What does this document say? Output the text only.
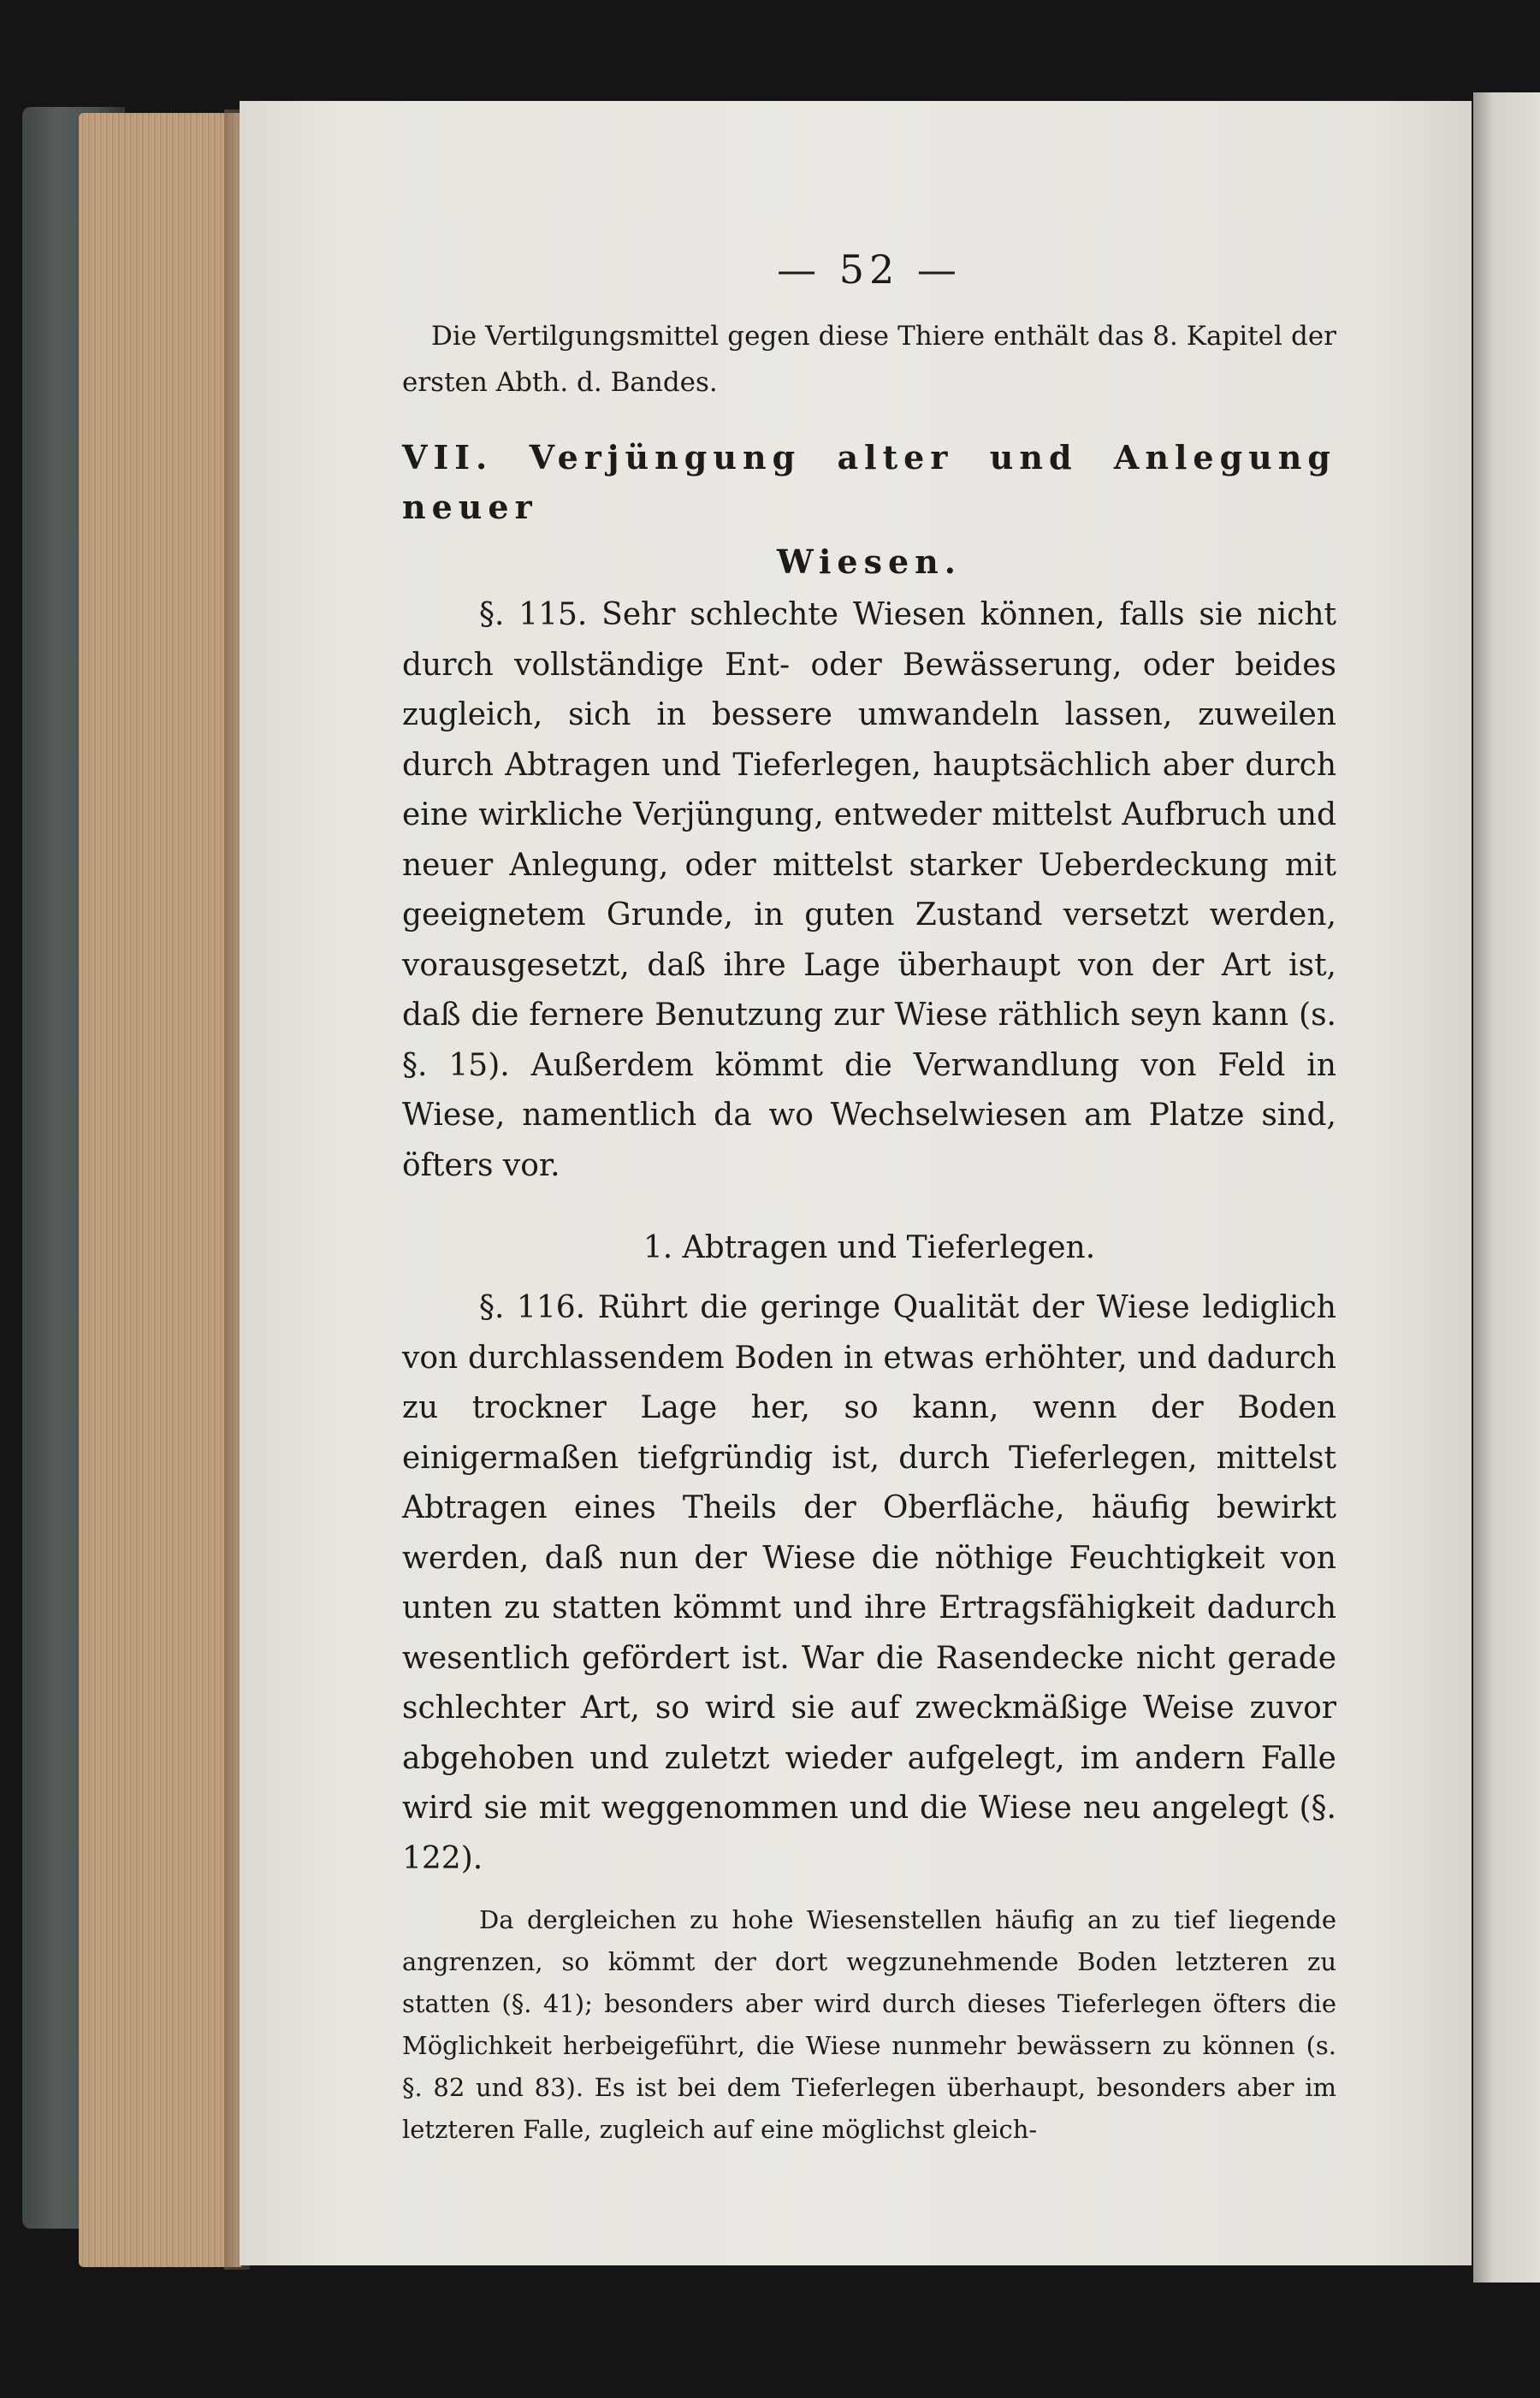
— 52 —

Die Vertilgungsmittel gegen diese Thiere enthält das 8. Kapitel der ersten Abth. d. Bandes.

VII. Verjüngung alter und Anlegung neuer
Wiesen.

§. 115. Sehr schlechte Wiesen können, falls sie nicht durch vollständige Ent- oder Bewässerung, oder beides zugleich, sich in bessere umwandeln lassen, zuweilen durch Abtragen und Tieferlegen, hauptsächlich aber durch eine wirkliche Verjüngung, entweder mittelst Aufbruch und neuer Anlegung, oder mittelst starker Ueberdeckung mit geeignetem Grunde, in guten Zustand versetzt werden, vorausgesetzt, daß ihre Lage überhaupt von der Art ist, daß die fernere Benutzung zur Wiese räthlich seyn kann (s. §. 15). Außerdem kömmt die Verwandlung von Feld in Wiese, namentlich da wo Wechselwiesen am Platze sind, öfters vor.

1. Abtragen und Tieferlegen.

§. 116. Rührt die geringe Qualität der Wiese lediglich von durchlassendem Boden in etwas erhöhter, und dadurch zu trockner Lage her, so kann, wenn der Boden einigermaßen tiefgründig ist, durch Tieferlegen, mittelst Abtragen eines Theils der Oberfläche, häufig bewirkt werden, daß nun der Wiese die nöthige Feuchtigkeit von unten zu statten kömmt und ihre Ertragsfähigkeit dadurch wesentlich gefördert ist. War die Rasendecke nicht gerade schlechter Art, so wird sie auf zweckmäßige Weise zuvor abgehoben und zuletzt wieder aufgelegt, im andern Falle wird sie mit weggenommen und die Wiese neu angelegt (§. 122).

Da dergleichen zu hohe Wiesenstellen häufig an zu tief liegende angrenzen, so kömmt der dort wegzunehmende Boden letzteren zu statten (§. 41); besonders aber wird durch dieses Tieferlegen öfters die Möglichkeit herbeigeführt, die Wiese nunmehr bewässern zu können (s. §. 82 und 83). Es ist bei dem Tieferlegen überhaupt, besonders aber im letzteren Falle, zugleich auf eine möglichst gleich-
